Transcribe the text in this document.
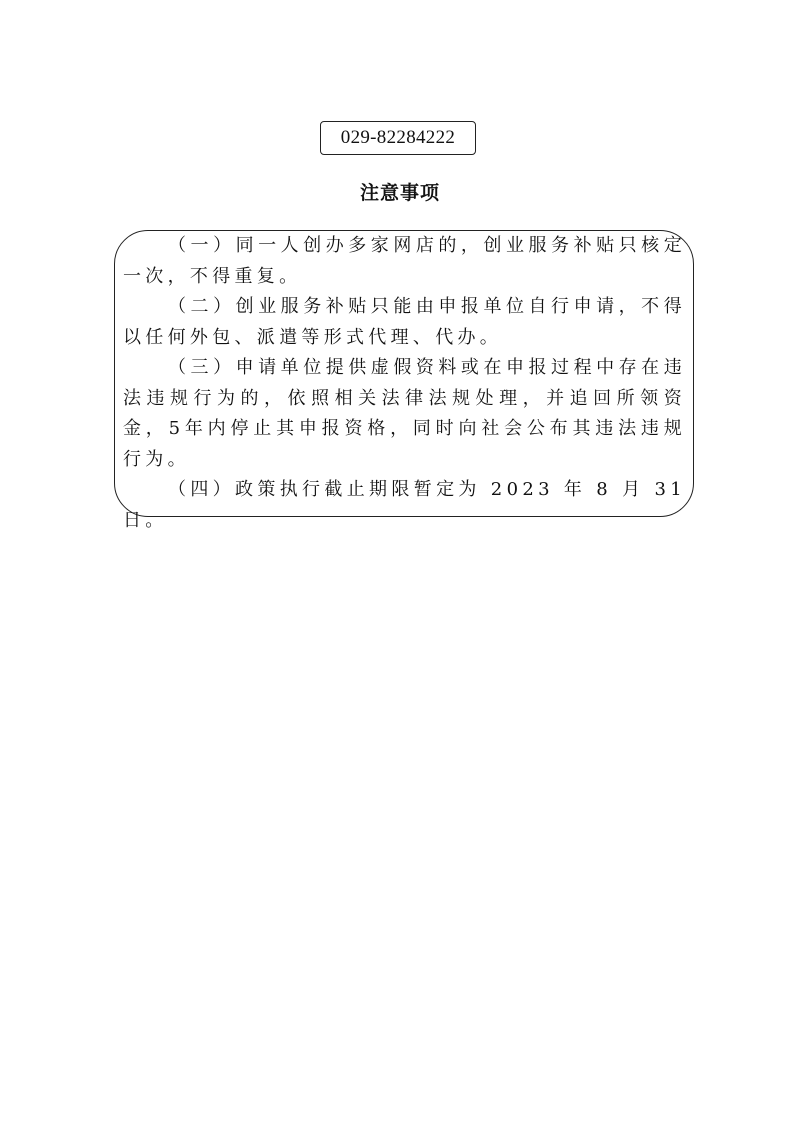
029-82284222
注意事项

（一）同一人创办多家网店的，创业服务补贴只核定一次，不得重复。

（二）创业服务补贴只能由申报单位自行申请，不得以任何外包、派遣等形式代理、代办。

（三）申请单位提供虚假资料或在申报过程中存在违法违规行为的，依照相关法律法规处理，并追回所领资金，5年内停止其申报资格，同时向社会公布其违法违规行为。

（四）政策执行截止期限暂定为 2023 年 8 月 31 日。
